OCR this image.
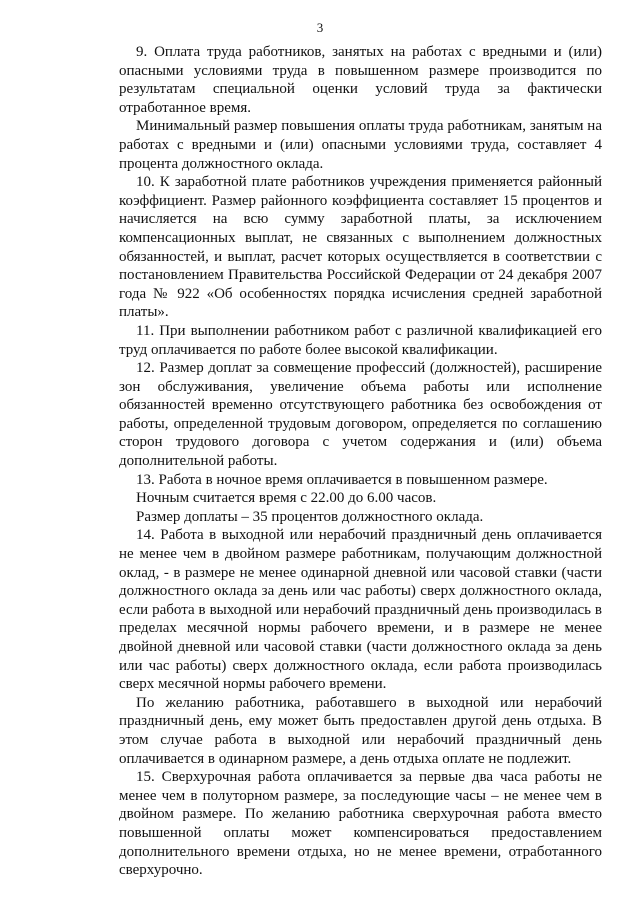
3

9. Оплата труда работников, занятых на работах с вредными и (или) опасными условиями труда в повышенном размере производится по результатам специальной оценки условий труда за фактически отработанное время.

Минимальный размер повышения оплаты труда работникам, занятым на работах с вредными и (или) опасными условиями труда, составляет 4 процента должностного оклада.

10. К заработной плате работников учреждения применяется районный коэффициент. Размер районного коэффициента составляет 15 процентов и начисляется на всю сумму заработной платы, за исключением компенсационных выплат, не связанных с выполнением должностных обязанностей, и выплат, расчет которых осуществляется в соответствии с постановлением Правительства Российской Федерации от 24 декабря 2007 года № 922 «Об особенностях порядка исчисления средней заработной платы».

11. При выполнении работником работ с различной квалификацией его труд оплачивается по работе более высокой квалификации.

12. Размер доплат за совмещение профессий (должностей), расширение зон обслуживания, увеличение объема работы или исполнение обязанностей временно отсутствующего работника без освобождения от работы, определенной трудовым договором, определяется по соглашению сторон трудового договора с учетом содержания и (или) объема дополнительной работы.

13. Работа в ночное время оплачивается в повышенном размере.

Ночным считается время с 22.00 до 6.00 часов.

Размер доплаты – 35 процентов должностного оклада.

14. Работа в выходной или нерабочий праздничный день оплачивается не менее чем в двойном размере работникам, получающим должностной оклад, - в размере не менее одинарной дневной или часовой ставки (части должностного оклада за день или час работы) сверх должностного оклада, если работа в выходной или нерабочий праздничный день производилась в пределах месячной нормы рабочего времени, и в размере не менее двойной дневной или часовой ставки (части должностного оклада за день или час работы) сверх должностного оклада, если работа производилась сверх месячной нормы рабочего времени.

По желанию работника, работавшего в выходной или нерабочий праздничный день, ему может быть предоставлен другой день отдыха. В этом случае работа в выходной или нерабочий праздничный день оплачивается в одинарном размере, а день отдыха оплате не подлежит.

15. Сверхурочная работа оплачивается за первые два часа работы не менее чем в полуторном размере, за последующие часы – не менее чем в двойном размере. По желанию работника сверхурочная работа вместо повышенной оплаты может компенсироваться предоставлением дополнительного времени отдыха, но не менее времени, отработанного сверхурочно.
